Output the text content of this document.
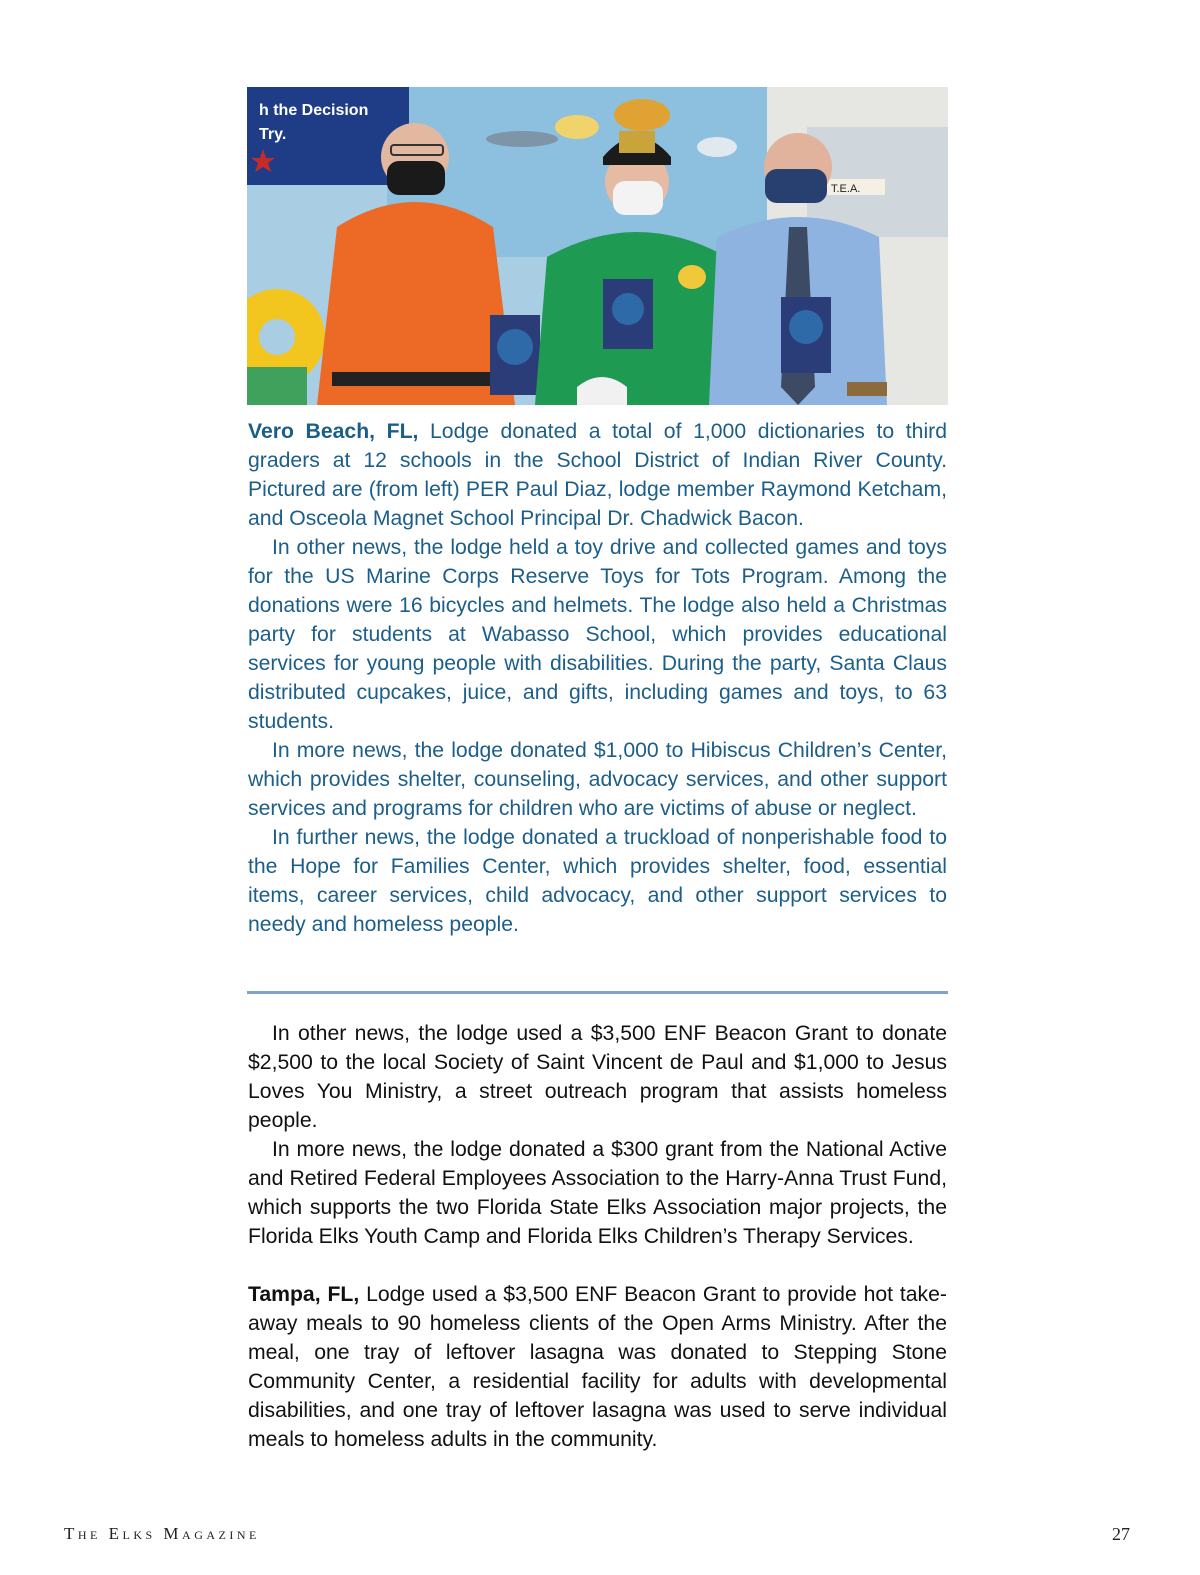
h the Decision
Try.
T.E.A.

Vero Beach, FL, Lodge donated a total of 1,000 dictionaries to third graders at 12 schools in the School District of Indian River County. Pictured are (from left) PER Paul Diaz, lodge member Raymond Ketcham, and Osceola Magnet School Principal Dr. Chadwick Bacon.

In other news, the lodge held a toy drive and collected games and toys for the US Marine Corps Reserve Toys for Tots Program. Among the donations were 16 bicycles and helmets. The lodge also held a Christmas party for students at Wabasso School, which provides educational services for young people with disabilities. During the party, Santa Claus distributed cupcakes, juice, and gifts, including games and toys, to 63 students.

In more news, the lodge donated $1,000 to Hibiscus Children’s Center, which provides shelter, counseling, advocacy services, and other support services and programs for children who are victims of abuse or neglect.

In further news, the lodge donated a truckload of nonperishable food to the Hope for Families Center, which provides shelter, food, essential items, career services, child advocacy, and other support services to needy and homeless people.

In other news, the lodge used a $3,500 ENF Beacon Grant to donate $2,500 to the local Society of Saint Vincent de Paul and $1,000 to Jesus Loves You Ministry, a street outreach program that assists homeless people.

In more news, the lodge donated a $300 grant from the National Active and Retired Federal Employees Association to the Harry-Anna Trust Fund, which supports the two Florida State Elks Association major projects, the Florida Elks Youth Camp and Florida Elks Children’s Therapy Services.

Tampa, FL, Lodge used a $3,500 ENF Beacon Grant to provide hot take-away meals to 90 homeless clients of the Open Arms Ministry. After the meal, one tray of leftover lasagna was donated to Stepping Stone Community Center, a residential facility for adults with developmental disabilities, and one tray of leftover lasagna was used to serve individual meals to homeless adults in the community.

The Elks Magazine	27
